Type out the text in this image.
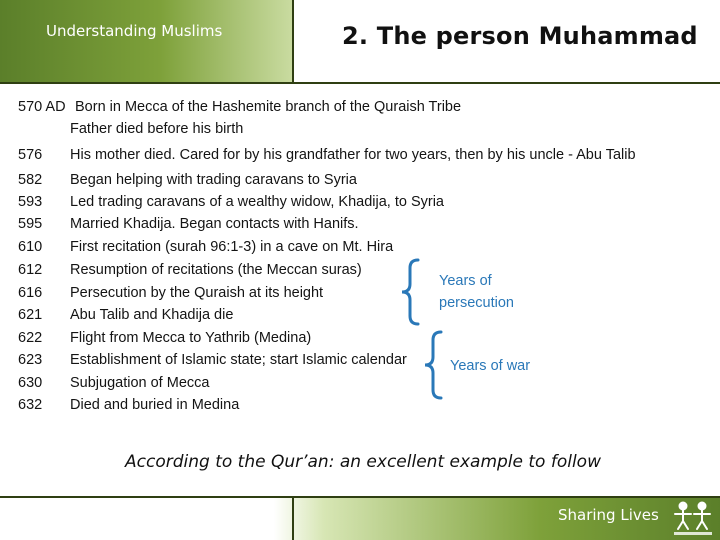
Understanding Muslims	2. The person Muhammad
570 AD Born in Mecca of the Hashemite branch of the Quraish Tribe
Father died before his birth
576 His mother died. Cared for by his grandfather for two years, then by his uncle - Abu Talib
582 Began helping with trading caravans to Syria
593 Led trading caravans of a wealthy widow, Khadija, to Syria
595 Married Khadija. Began contacts with Hanifs.
610 First recitation (surah 96:1-3) in a cave on Mt. Hira
612 Resumption of recitations (the Meccan suras)
616 Persecution by the Quraish at its height
621 Abu Talib and Khadija die
622 Flight from Mecca to Yathrib (Medina)
623 Establishment of Islamic state; start Islamic calendar
630 Subjugation of Mecca
632 Died and buried in Medina
Years of
persecution
Years of war
According to the Qur’an: an excellent example to follow
Sharing Lives
